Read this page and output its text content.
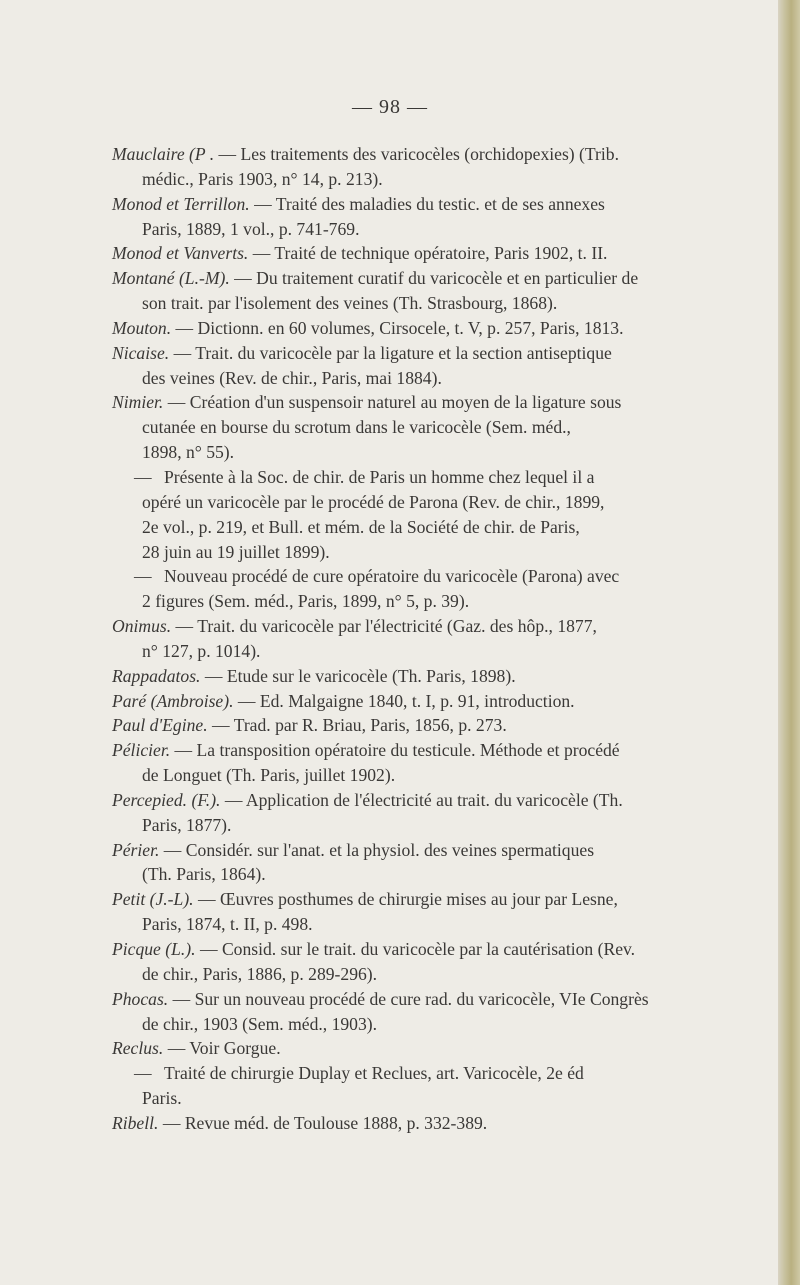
— 98 —
Mauclaire (P . — Les traitements des varicocèles (orchidopexies) (Trib.
médic., Paris 1903, n° 14, p. 213).
Monod et Terrillon. — Traité des maladies du testic. et de ses annexes
Paris, 1889, 1 vol., p. 741-769.
Monod et Vanverts. — Traité de technique opératoire, Paris 1902, t. II.
Montané (L.-M). — Du traitement curatif du varicocèle et en particulier de
son trait. par l'isolement des veines (Th. Strasbourg, 1868).
Mouton. — Dictionn. en 60 volumes, Cirsocele, t. V, p. 257, Paris, 1813.
Nicaise. — Trait. du varicocèle par la ligature et la section antiseptique
des veines (Rev. de chir., Paris, mai 1884).
Nimier. — Création d'un suspensoir naturel au moyen de la ligature sous
cutanée en bourse du scrotum dans le varicocèle (Sem. méd.,
1898, n° 55).
— Présente à la Soc. de chir. de Paris un homme chez lequel il a
opéré un varicocèle par le procédé de Parona (Rev. de chir., 1899,
2e vol., p. 219, et Bull. et mém. de la Société de chir. de Paris,
28 juin au 19 juillet 1899).
— Nouveau procédé de cure opératoire du varicocèle (Parona) avec
2 figures (Sem. méd., Paris, 1899, n° 5, p. 39).
Onimus. — Trait. du varicocèle par l'électricité (Gaz. des hôp., 1877,
n° 127, p. 1014).
Rappadatos. — Etude sur le varicocèle (Th. Paris, 1898).
Paré (Ambroise). — Ed. Malgaigne 1840, t. I, p. 91, introduction.
Paul d'Egine. — Trad. par R. Briau, Paris, 1856, p. 273.
Pélicier. — La transposition opératoire du testicule. Méthode et procédé
de Longuet (Th. Paris, juillet 1902).
Percepied. (F.). — Application de l'électricité au trait. du varicocèle (Th.
Paris, 1877).
Périer. — Considér. sur l'anat. et la physiol. des veines spermatiques
(Th. Paris, 1864).
Petit (J.-L). — Œuvres posthumes de chirurgie mises au jour par Lesne,
Paris, 1874, t. II, p. 498.
Picque (L.). — Consid. sur le trait. du varicocèle par la cautérisation (Rev.
de chir., Paris, 1886, p. 289-296).
Phocas. — Sur un nouveau procédé de cure rad. du varicocèle, VIe Congrès
de chir., 1903 (Sem. méd., 1903).
Reclus. — Voir Gorgue.
— Traité de chirurgie Duplay et Reclues, art. Varicocèle, 2e éd
Paris.
Ribell. — Revue méd. de Toulouse 1888, p. 332-389.
